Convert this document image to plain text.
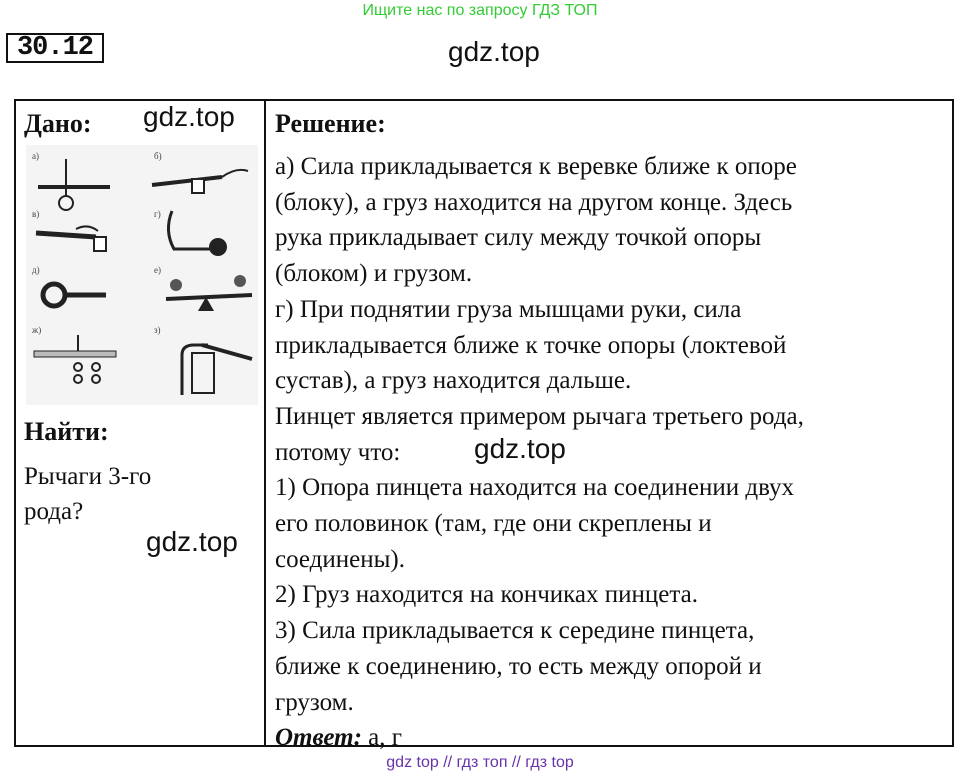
Ищите нас по запросу ГДЗ ТОП
30.12	gdz.top
Дано:
а)	б)
в)	г)
д)	е)
ж)	з)
Найти:
Рычаги 3-го
рода?
Решение:
а) Сила прикладывается к веревке ближе к опоре
(блоку), а груз находится на другом конце. Здесь
рука прикладывает силу между точкой опоры
(блоком) и грузом.
г) При поднятии груза мышцами руки, сила
прикладывается ближе к точке опоры (локтевой
сустав), а груз находится дальше.
Пинцет является примером рычага третьего рода,
потому что:
1) Опора пинцета находится на соединении двух
его половинок (там, где они скреплены и
соединены).
2) Груз находится на кончиках пинцета.
3) Сила прикладывается к середине пинцета,
ближе к соединению, то есть между опорой и
грузом.
Ответ: а, г
gdz.top
gdz.top
gdz.top
gdz top // гдз топ // гдз top
